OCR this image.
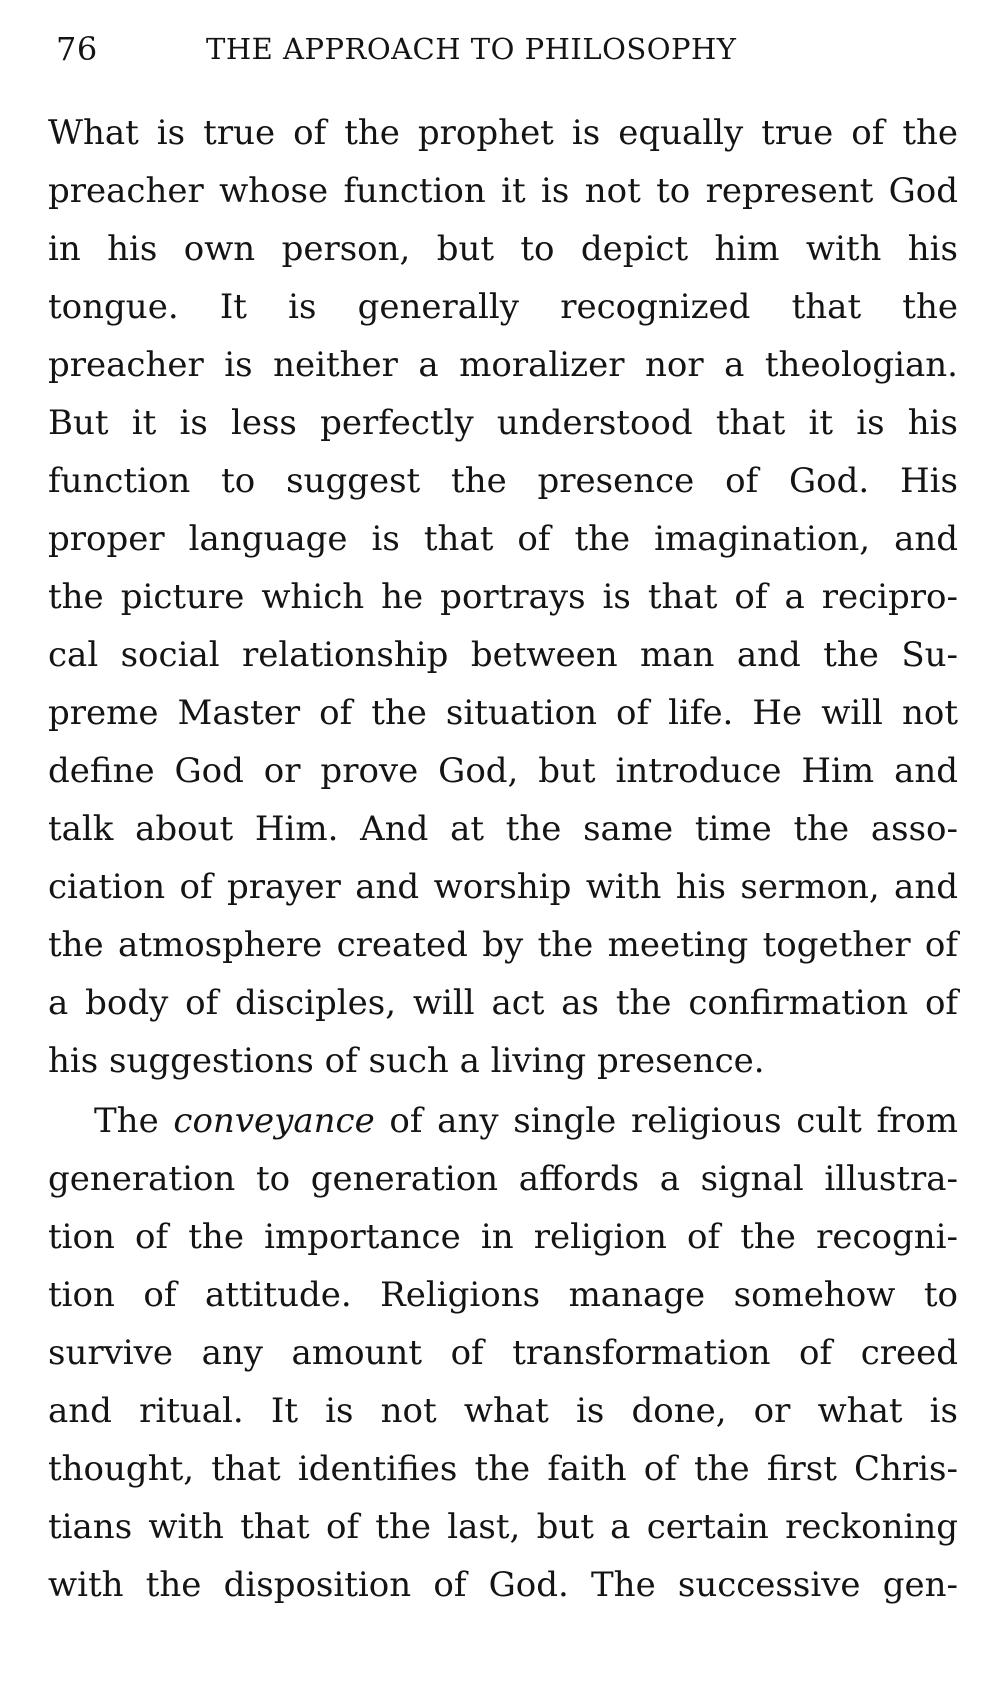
76	THE APPROACH TO PHILOSOPHY
What is true of the prophet is equally true of the
preacher whose function it is not to represent God
in his own person, but to depict him with his
tongue. It is generally recognized that the
preacher is neither a moralizer nor a theologian.
But it is less perfectly understood that it is his
function to suggest the presence of God. His
proper language is that of the imagination, and
the picture which he portrays is that of a recipro-
cal social relationship between man and the Su-
preme Master of the situation of life. He will not
define God or prove God, but introduce Him and
talk about Him. And at the same time the asso-
ciation of prayer and worship with his sermon, and
the atmosphere created by the meeting together of
a body of disciples, will act as the confirmation of
his suggestions of such a living presence.
The conveyance of any single religious cult from
generation to generation affords a signal illustra-
tion of the importance in religion of the recogni-
tion of attitude. Religions manage somehow to
survive any amount of transformation of creed
and ritual. It is not what is done, or what is
thought, that identifies the faith of the first Chris-
tians with that of the last, but a certain reckoning
with the disposition of God. The successive gen-
